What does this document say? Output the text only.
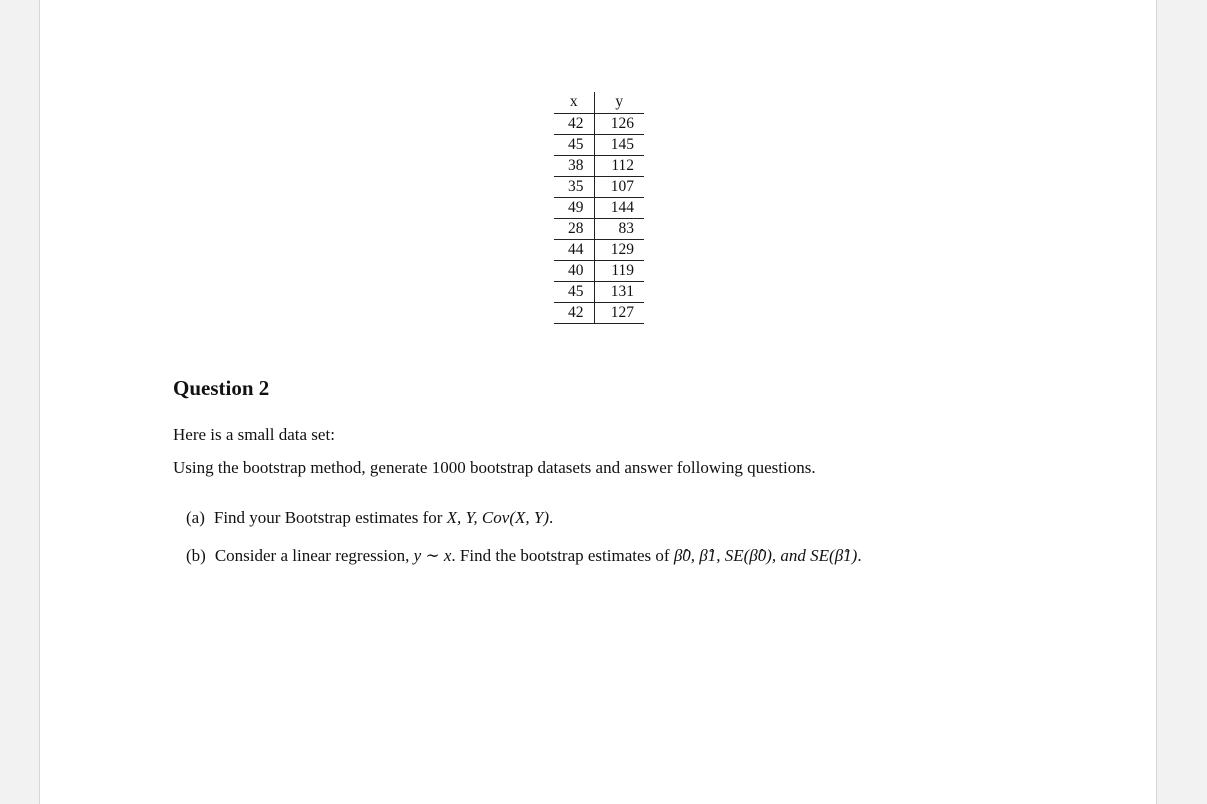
x	y
42	126
45	145
38	112
35	107
49	144
28	83
44	129
40	119
45	131
42	127
Question 2
Here is a small data set:
Using the bootstrap method, generate 1000 bootstrap datasets and answer following questions.
(a) Find your Bootstrap estimates for X, Y, Cov(X, Y).
(b) Consider a linear regression, y ∼ x. Find the bootstrap estimates of β̂0, β̂1, SE(β̂0), and SE(β̂1).
